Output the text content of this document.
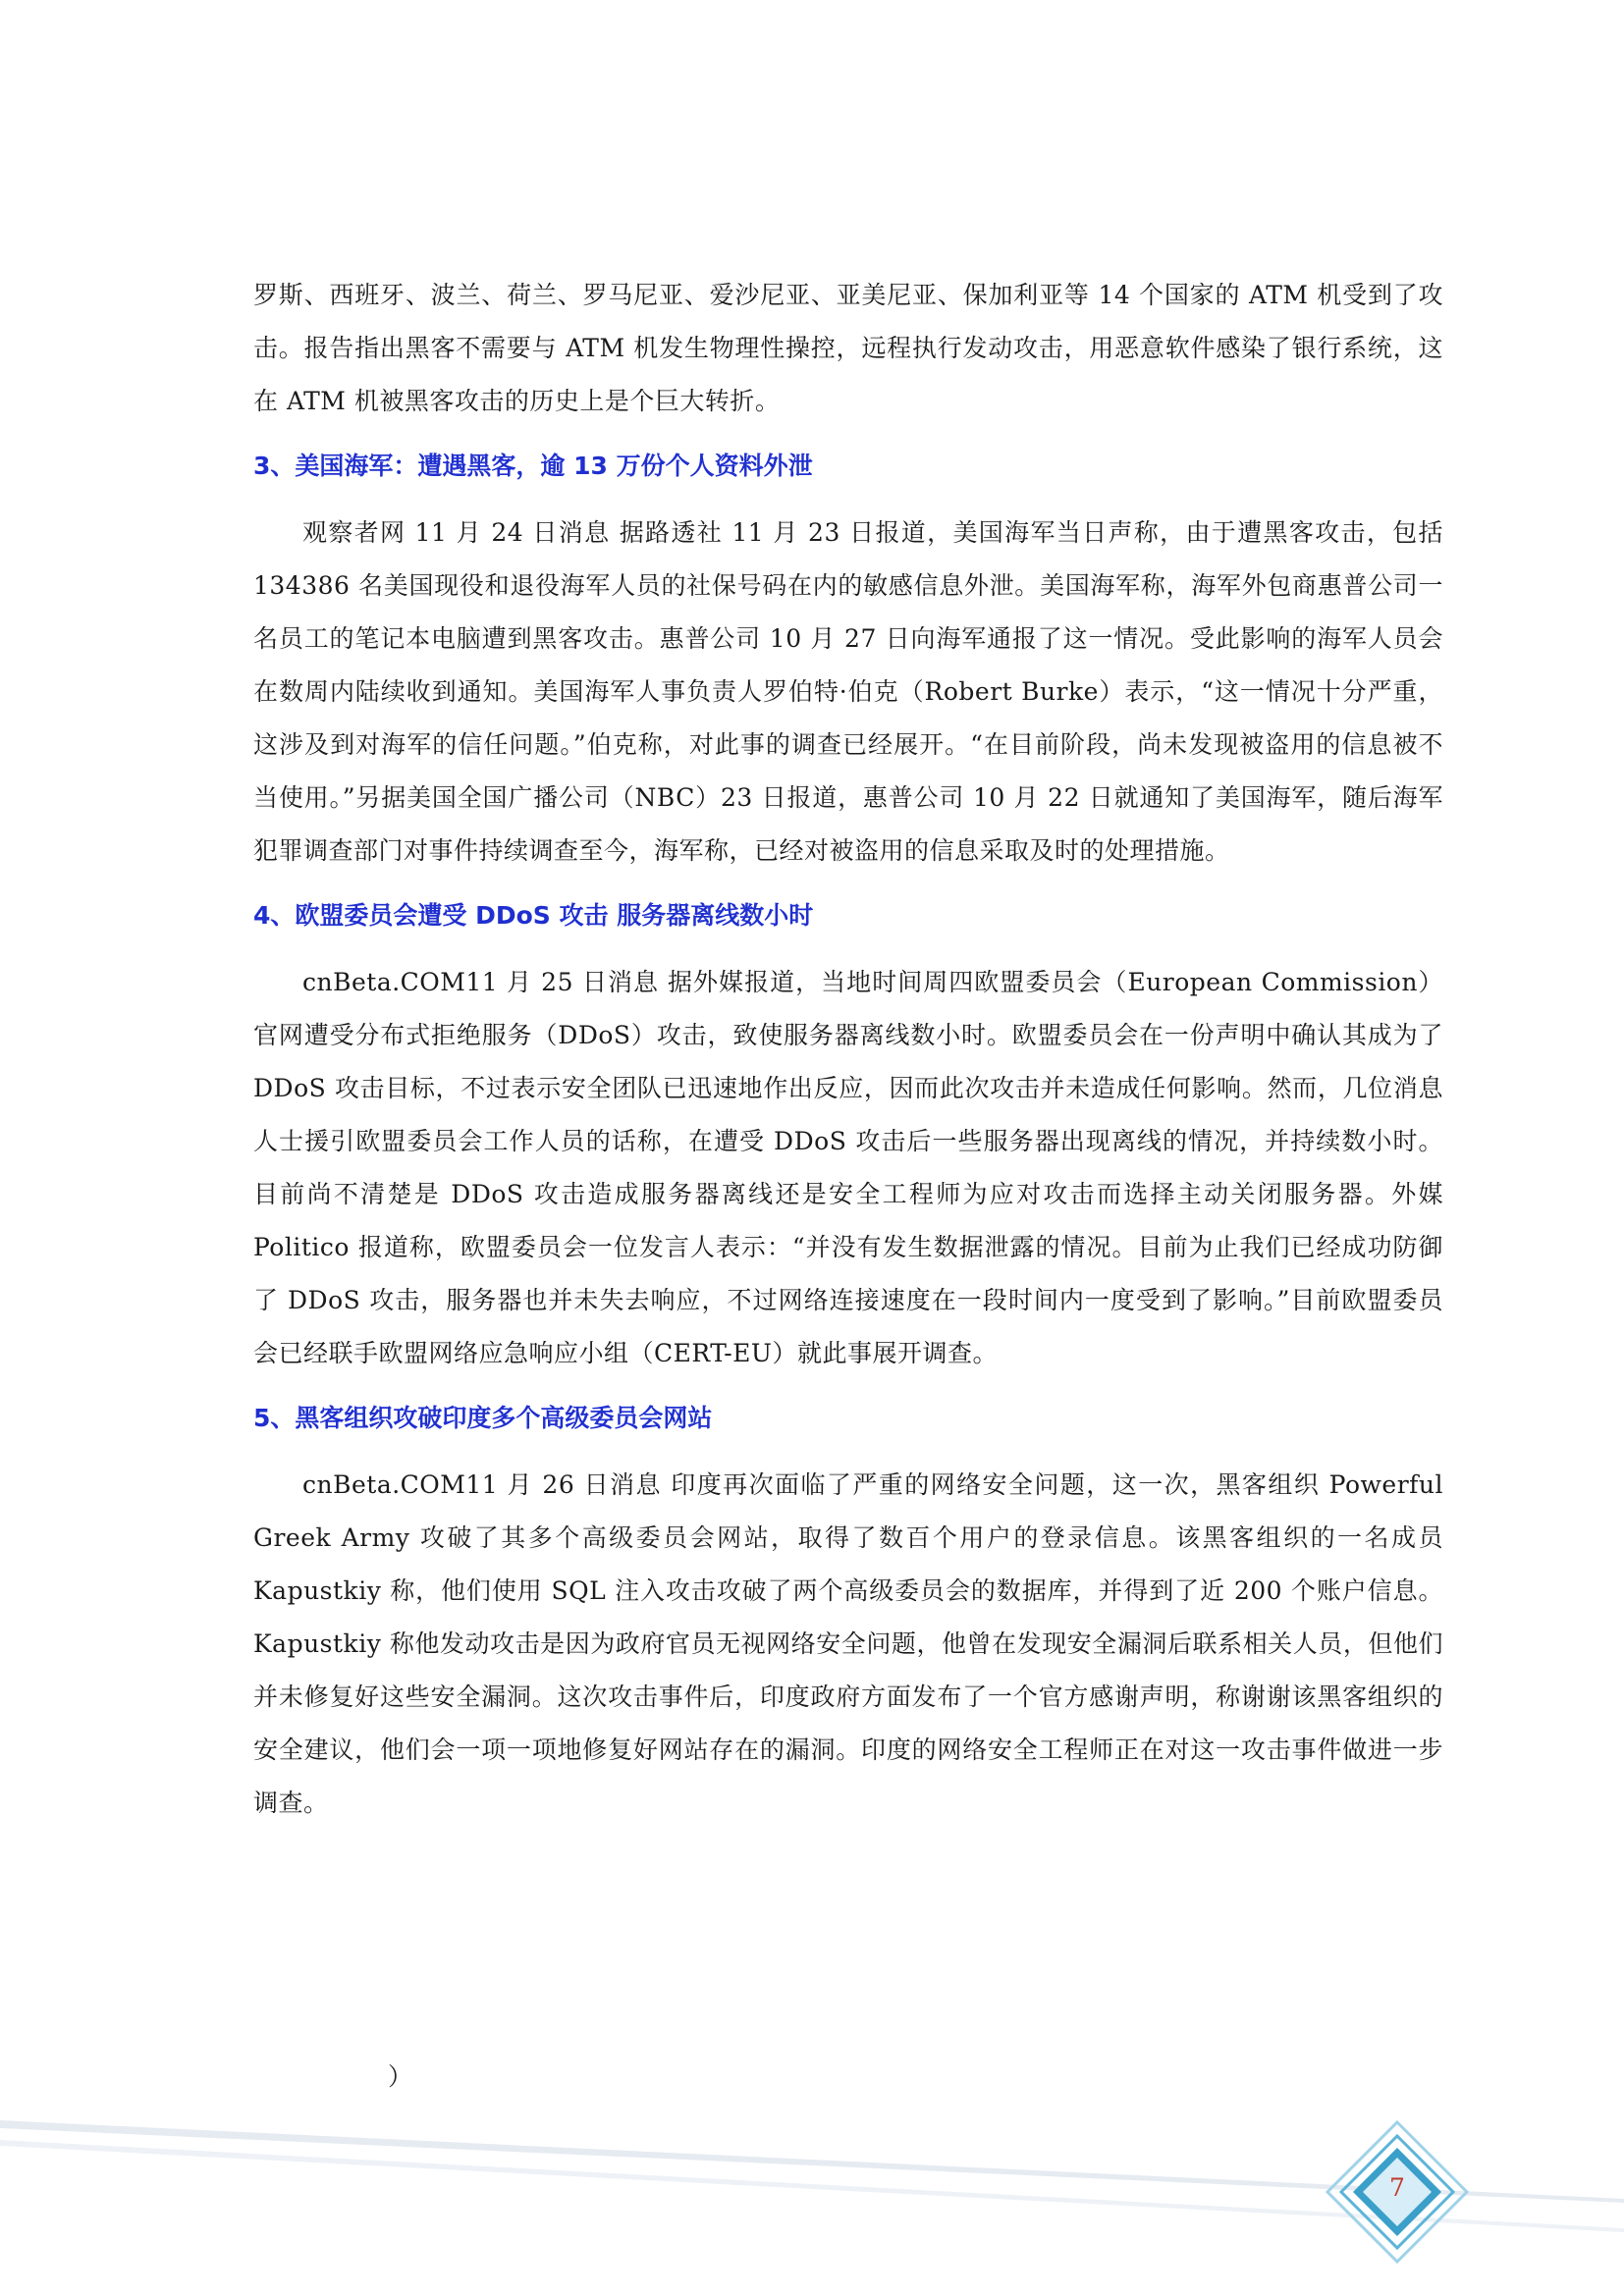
罗斯、西班牙、波兰、荷兰、罗马尼亚、爱沙尼亚、亚美尼亚、保加利亚等 14 个国家的 ATM 机受到了攻击。报告指出黑客不需要与 ATM 机发生物理性操控，远程执行发动攻击，用恶意软件感染了银行系统，这在 ATM 机被黑客攻击的历史上是个巨大转折。

3、美国海军：遭遇黑客，逾 13 万份个人资料外泄

观察者网 11 月 24 日消息 据路透社 11 月 23 日报道，美国海军当日声称，由于遭黑客攻击，包括 134386 名美国现役和退役海军人员的社保号码在内的敏感信息外泄。美国海军称，海军外包商惠普公司一名员工的笔记本电脑遭到黑客攻击。惠普公司 10 月 27 日向海军通报了这一情况。受此影响的海军人员会在数周内陆续收到通知。美国海军人事负责人罗伯特·伯克（Robert Burke）表示，“这一情况十分严重，这涉及到对海军的信任问题。”伯克称，对此事的调查已经展开。“在目前阶段，尚未发现被盗用的信息被不当使用。”另据美国全国广播公司（NBC）23 日报道，惠普公司 10 月 22 日就通知了美国海军，随后海军犯罪调查部门对事件持续调查至今，海军称，已经对被盗用的信息采取及时的处理措施。

4、欧盟委员会遭受 DDoS 攻击 服务器离线数小时

cnBeta.COM11 月 25 日消息 据外媒报道，当地时间周四欧盟委员会（European Commission）官网遭受分布式拒绝服务（DDoS）攻击，致使服务器离线数小时。欧盟委员会在一份声明中确认其成为了 DDoS 攻击目标，不过表示安全团队已迅速地作出反应，因而此次攻击并未造成任何影响。然而，几位消息人士援引欧盟委员会工作人员的话称，在遭受 DDoS 攻击后一些服务器出现离线的情况，并持续数小时。目前尚不清楚是 DDoS 攻击造成服务器离线还是安全工程师为应对攻击而选择主动关闭服务器。外媒 Politico 报道称，欧盟委员会一位发言人表示：“并没有发生数据泄露的情况。目前为止我们已经成功防御了 DDoS 攻击，服务器也并未失去响应，不过网络连接速度在一段时间内一度受到了影响。”目前欧盟委员会已经联手欧盟网络应急响应小组（CERT-EU）就此事展开调查。

5、黑客组织攻破印度多个高级委员会网站

cnBeta.COM11 月 26 日消息 印度再次面临了严重的网络安全问题，这一次，黑客组织 Powerful Greek Army 攻破了其多个高级委员会网站，取得了数百个用户的登录信息。该黑客组织的一名成员 Kapustkiy 称，他们使用 SQL 注入攻击攻破了两个高级委员会的数据库，并得到了近 200 个账户信息。Kapustkiy 称他发动攻击是因为政府官员无视网络安全问题，他曾在发现安全漏洞后联系相关人员，但他们并未修复好这些安全漏洞。这次攻击事件后，印度政府方面发布了一个官方感谢声明，称谢谢该黑客组织的安全建议，他们会一项一项地修复好网站存在的漏洞。印度的网络安全工程师正在对这一攻击事件做进一步调查。

）
7
